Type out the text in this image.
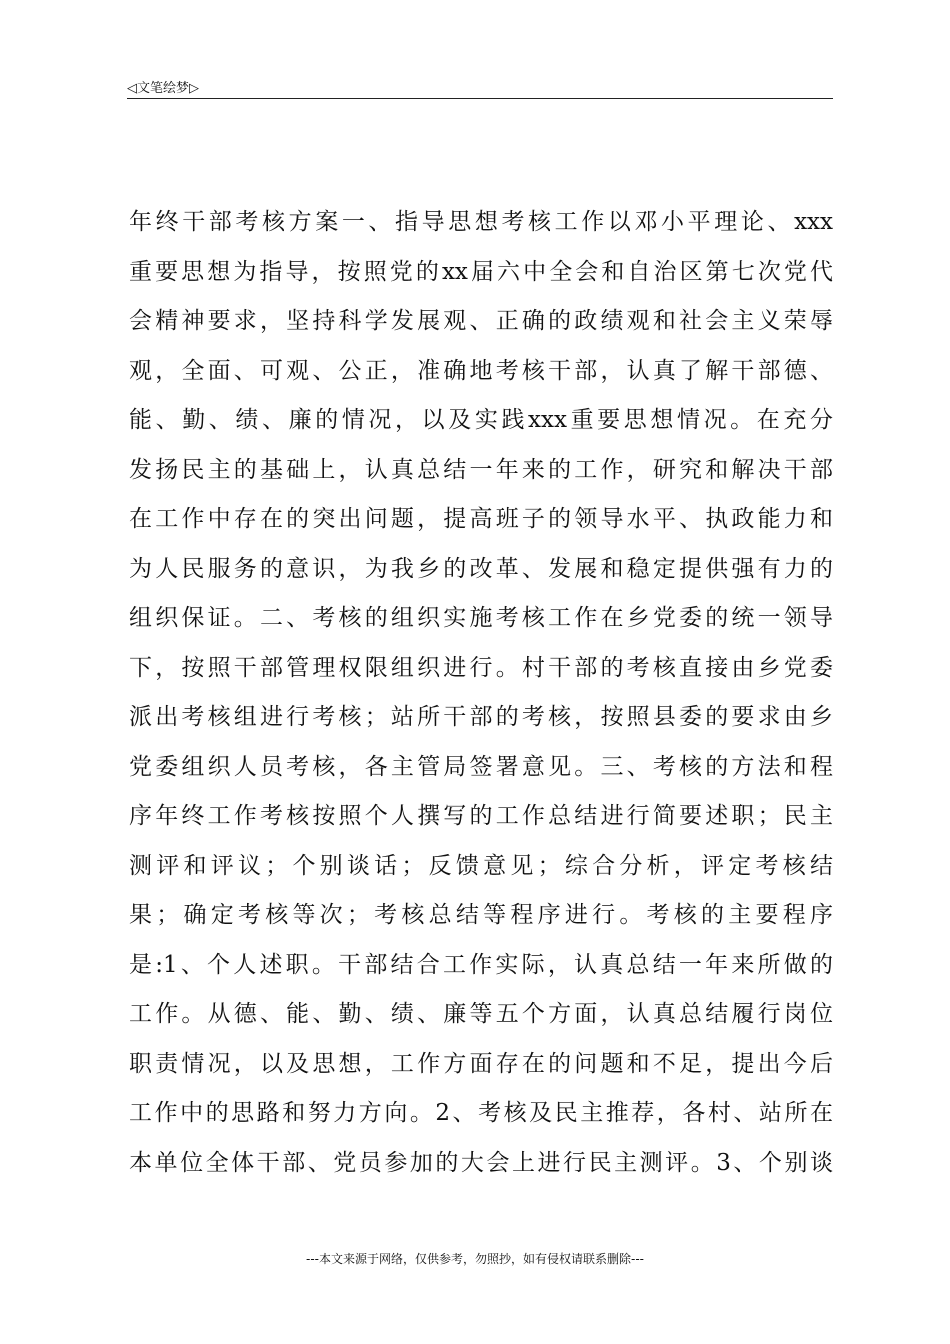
◁文笔绘梦▷
年终干部考核方案一、指导思想考核工作以邓小平理论、xxx
重要思想为指导，按照党的xx届六中全会和自治区第七次党代
会精神要求，坚持科学发展观、正确的政绩观和社会主义荣辱
观，全面、可观、公正，准确地考核干部，认真了解干部德、
能、勤、绩、廉的情况，以及实践xxx重要思想情况。在充分
发扬民主的基础上，认真总结一年来的工作，研究和解决干部
在工作中存在的突出问题，提高班子的领导水平、执政能力和
为人民服务的意识，为我乡的改革、发展和稳定提供强有力的
组织保证。二、考核的组织实施考核工作在乡党委的统一领导
下，按照干部管理权限组织进行。村干部的考核直接由乡党委
派出考核组进行考核；站所干部的考核，按照县委的要求由乡
党委组织人员考核，各主管局签署意见。三、考核的方法和程
序年终工作考核按照个人撰写的工作总结进行简要述职；民主
测评和评议；个别谈话；反馈意见；综合分析，评定考核结
果；确定考核等次；考核总结等程序进行。考核的主要程序
是:1、个人述职。干部结合工作实际，认真总结一年来所做的
工作。从德、能、勤、绩、廉等五个方面，认真总结履行岗位
职责情况，以及思想，工作方面存在的问题和不足，提出今后
工作中的思路和努力方向。2、考核及民主推荐，各村、站所在
本单位全体干部、党员参加的大会上进行民主测评。3、个别谈
---本文来源于网络，仅供参考，勿照抄，如有侵权请联系删除---
